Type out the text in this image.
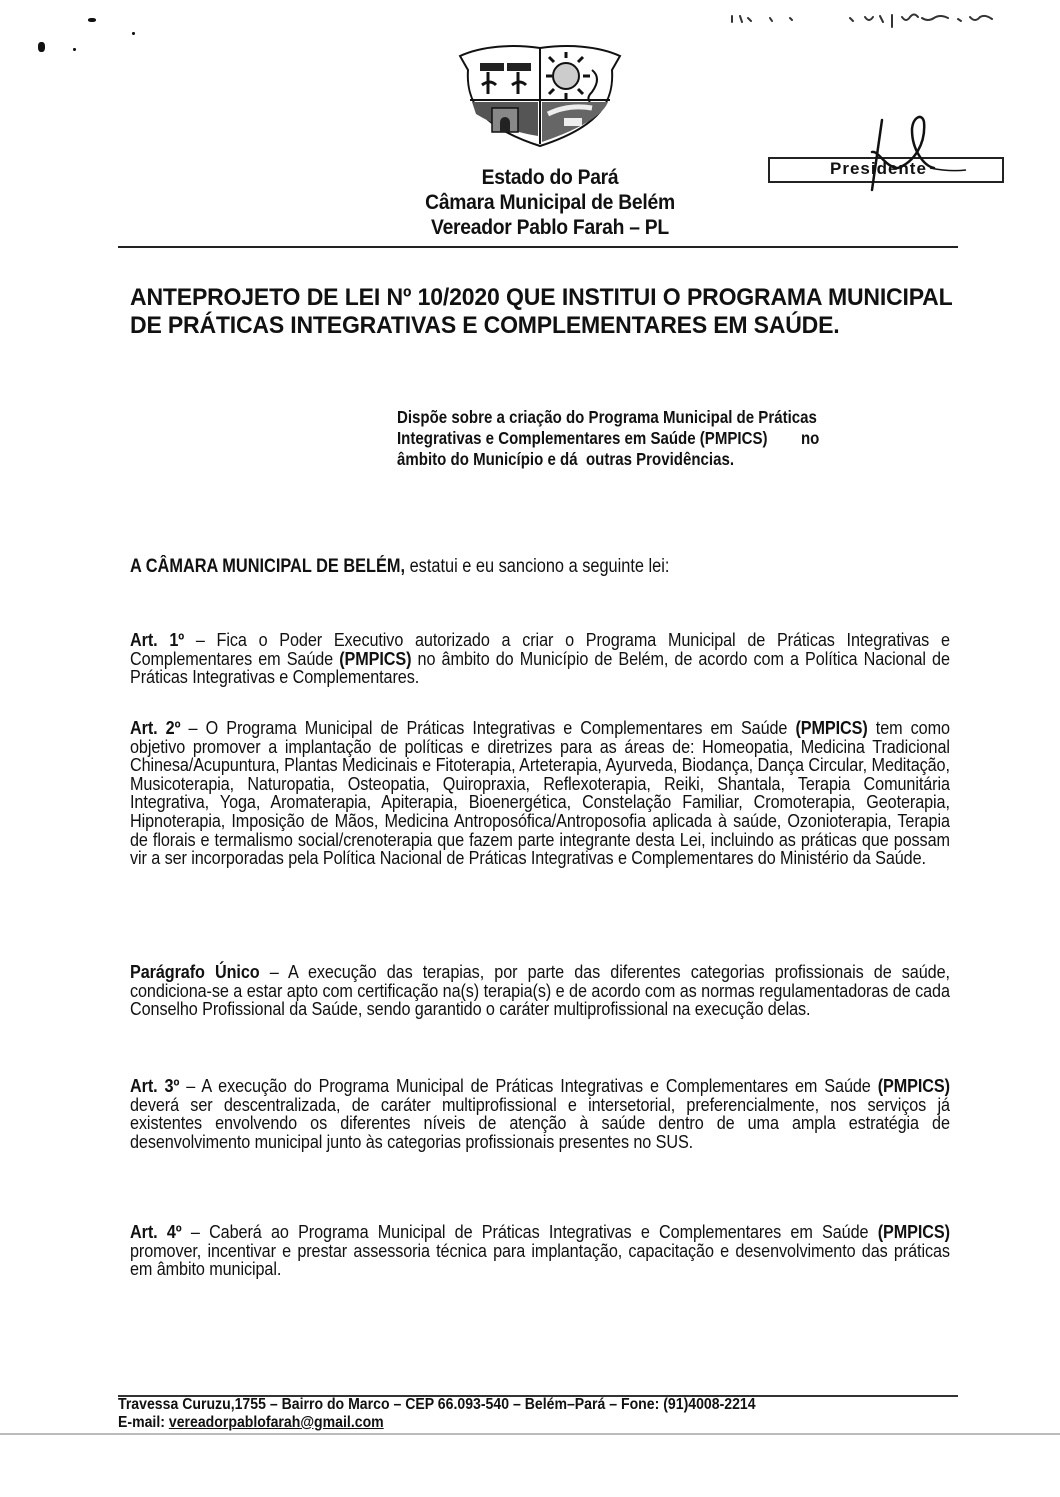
Estado do Pará
Câmara Municipal de Belém
Vereador Pablo Farah – PL
Presidente
ANTEPROJETO DE LEI Nº 10/2020 QUE INSTITUI O PROGRAMA MUNICIPAL DE PRÁTICAS INTEGRATIVAS E COMPLEMENTARES EM SAÚDE.
Dispõe sobre a criação do Programa Municipal de Práticas
Integrativas e Complementares em Saúde (PMPICS)        no
âmbito do Município e dá  outras Providências.
A CÂMARA MUNICIPAL DE BELÉM, estatui e eu sanciono a seguinte lei:
Art. 1º – Fica o Poder Executivo autorizado a criar o Programa Municipal de Práticas Integrativas e Complementares em Saúde (PMPICS) no âmbito do Município de Belém, de acordo com a Política Nacional de Práticas Integrativas e Complementares.
Art. 2º – O Programa Municipal de Práticas Integrativas e Complementares em Saúde (PMPICS) tem como objetivo promover a implantação de políticas e diretrizes para as áreas de: Homeopatia, Medicina Tradicional Chinesa/Acupuntura, Plantas Medicinais e Fitoterapia, Arteterapia, Ayurveda, Biodança, Dança Circular, Meditação, Musicoterapia, Naturopatia, Osteopatia, Quiropraxia, Reflexoterapia, Reiki, Shantala, Terapia Comunitária Integrativa, Yoga, Aromaterapia, Apiterapia, Bioenergética, Constelação Familiar, Cromoterapia, Geoterapia, Hipnoterapia, Imposição de Mãos, Medicina Antroposófica/Antroposofia aplicada à saúde, Ozonioterapia, Terapia de florais e termalismo social/crenoterapia que fazem parte integrante desta Lei, incluindo as práticas que possam vir a ser incorporadas pela Política Nacional de Práticas Integrativas e Complementares do Ministério da Saúde.
Parágrafo Único – A execução das terapias, por parte das diferentes categorias profissionais de saúde, condiciona-se a estar apto com certificação na(s) terapia(s) e de acordo com as normas regulamentadoras de cada Conselho Profissional da Saúde, sendo garantido o caráter multiprofissional na execução delas.
Art. 3º – A execução do Programa Municipal de Práticas Integrativas e Complementares em Saúde (PMPICS) deverá ser descentralizada, de caráter multiprofissional e intersetorial, preferencialmente, nos serviços já existentes envolvendo os diferentes níveis de atenção à saúde dentro de uma ampla estratégia de desenvolvimento municipal junto às categorias profissionais presentes no SUS.
Art. 4º – Caberá ao Programa Municipal de Práticas Integrativas e Complementares em Saúde (PMPICS) promover, incentivar e prestar assessoria técnica para implantação, capacitação e desenvolvimento das práticas em âmbito municipal.
Travessa Curuzu,1755 – Bairro do Marco – CEP 66.093-540 – Belém–Pará – Fone: (91)4008-2214
E-mail: vereadorpablofarah@gmail.com
